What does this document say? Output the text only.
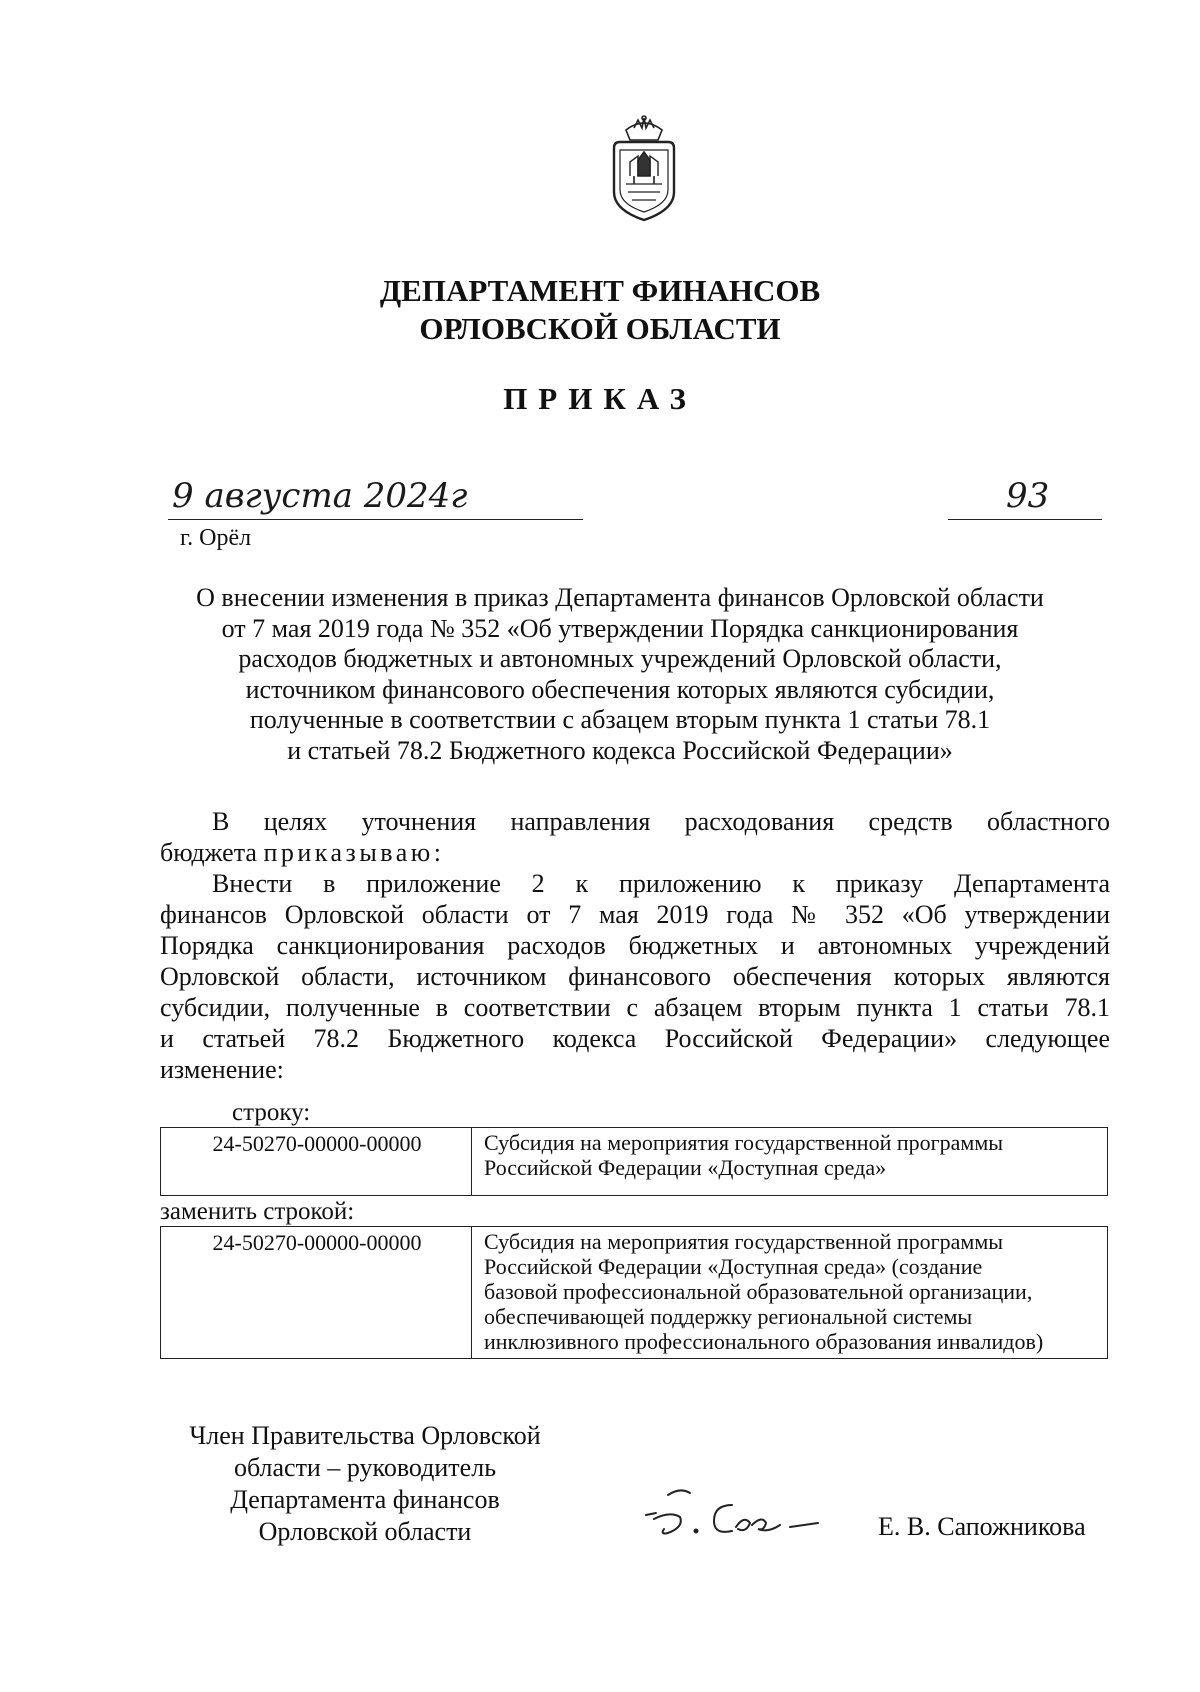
ДЕПАРТАМЕНТ ФИНАНСОВ
ОРЛОВСКОЙ ОБЛАСТИ
ПРИКАЗ
9 августа 2024г	93
г. Орёл
О внесении изменения в приказ Департамента финансов Орловской области
от 7 мая 2019 года № 352 «Об утверждении Порядка санкционирования
расходов бюджетных и автономных учреждений Орловской области,
источником финансового обеспечения которых являются субсидии,
полученные в соответствии с абзацем вторым пункта 1 статьи 78.1
и статьей 78.2 Бюджетного кодекса Российской Федерации»
В целях уточнения направления расходования средств областного
бюджета приказываю:
Внести в приложение 2 к приложению к приказу Департамента
финансов Орловской области от 7 мая 2019 года № 352 «Об утверждении
Порядка санкционирования расходов бюджетных и автономных учреждений
Орловской области, источником финансового обеспечения которых являются
субсидии, полученные в соответствии с абзацем вторым пункта 1 статьи 78.1
и статьей 78.2 Бюджетного кодекса Российской Федерации» следующее
изменение:
строку:
24-50270-00000-00000	Субсидия на мероприятия государственной программы
Российской Федерации «Доступная среда»
заменить строкой:
24-50270-00000-00000	Субсидия на мероприятия государственной программы
Российской Федерации «Доступная среда» (создание
базовой профессиональной образовательной организации,
обеспечивающей поддержку региональной системы
инклюзивного профессионального образования инвалидов)
Член Правительства Орловской
области – руководитель
Департамента финансов
Орловской области	Е. В. Сапожникова
